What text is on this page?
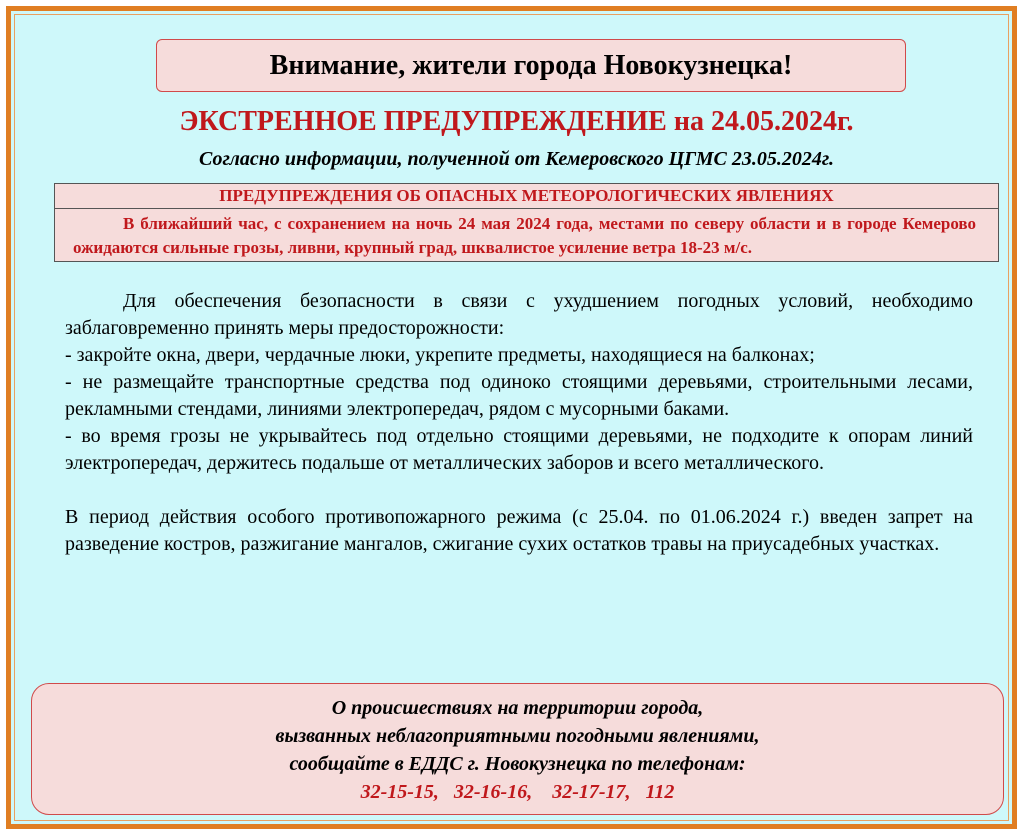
Внимание, жители города Новокузнецка!
ЭКСТРЕННОЕ ПРЕДУПРЕЖДЕНИЕ на 24.05.2024г.
Согласно информации, полученной от Кемеровского ЦГМС 23.05.2024г.
ПРЕДУПРЕЖДЕНИЯ ОБ ОПАСНЫХ МЕТЕОРОЛОГИЧЕСКИХ ЯВЛЕНИЯХ
В ближайший час, с сохранением на ночь 24 мая 2024 года, местами по северу области и в городе Кемерово ожидаются сильные грозы, ливни, крупный град, шквалистое усиление ветра 18-23 м/с.

Для обеспечения безопасности в связи с ухудшением погодных условий, необходимо заблаговременно принять меры предосторожности:

- закройте окна, двери, чердачные люки, укрепите предметы, находящиеся на балконах;

- не размещайте транспортные средства под одиноко стоящими деревьями, строительными лесами, рекламными стендами, линиями электропередач, рядом с мусорными баками.

- во время грозы не укрывайтесь под отдельно стоящими деревьями, не подходите к опорам линий электропередач, держитесь подальше от металлических заборов и всего металлического.

В период действия особого противопожарного режима (с 25.04. по 01.06.2024 г.) введен запрет на разведение костров, разжигание мангалов, сжигание сухих остатков травы на приусадебных участках.

О происшествиях на территории города,
вызванных неблагоприятными погодными явлениями,
сообщайте в ЕДДС г. Новокузнецка по телефонам:
32-15-15,   32-16-16,    32-17-17,   112
